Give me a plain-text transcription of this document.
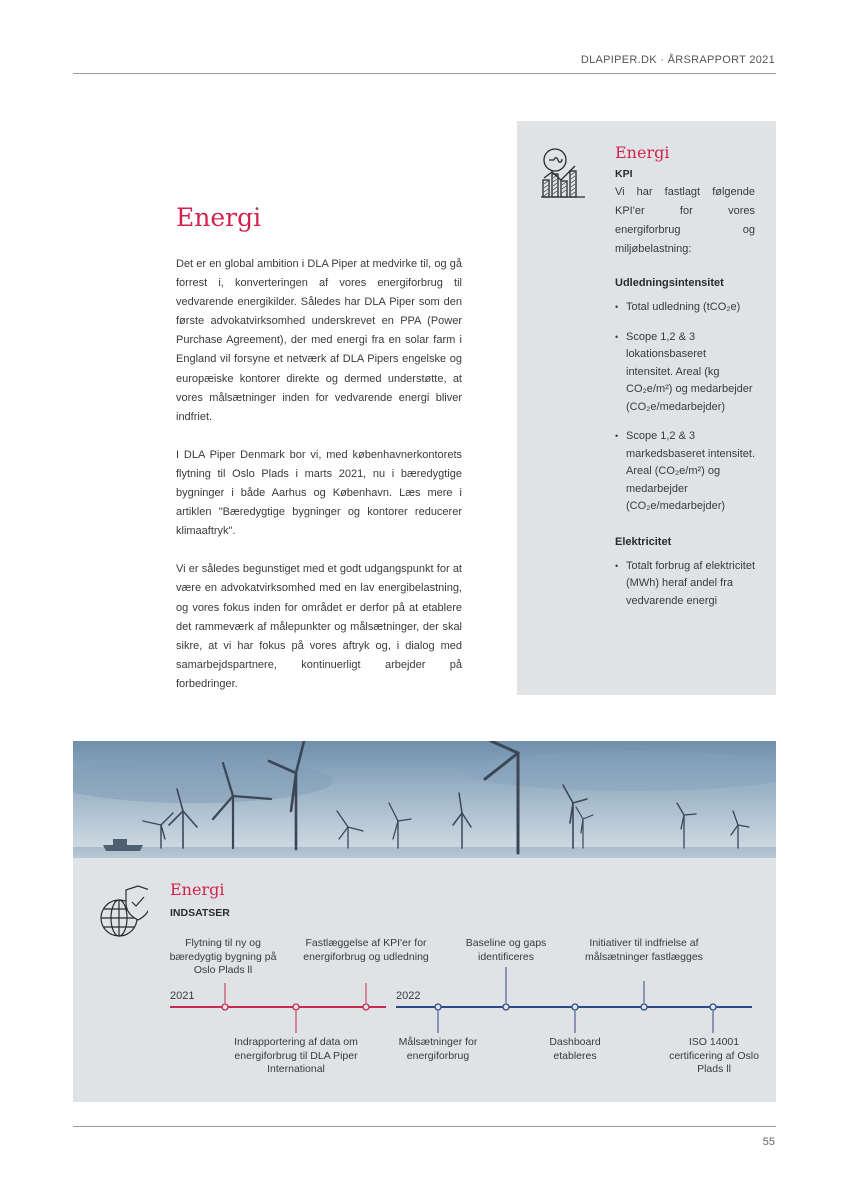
DLAPIPER.DK · ÅRSRAPPORT 2021
Energi

Det er en global ambition i DLA Piper at medvirke til, og gå forrest i, konverteringen af vores energiforbrug til vedvarende energikilder. Således har DLA Piper som den første advokatvirksomhed underskrevet en PPA (Power Purchase Agreement), der med energi fra en solar farm i England vil forsyne et netværk af DLA Pipers engelske og europæiske kontorer direkte og dermed understøtte, at vores målsætninger inden for vedvarende energi bliver indfriet.

I DLA Piper Denmark bor vi, med københavnerkontorets flytning til Oslo Plads i marts 2021, nu i bæredygtige bygninger i både Aarhus og København. Læs mere i artiklen "Bæredygtige bygninger og kontorer reducerer klimaaftryk".

Vi er således begunstiget med et godt udgangspunkt for at være en advokatvirksomhed med en lav energibelastning, og vores fokus inden for området er derfor på at etablere det rammeværk af målepunkter og målsætninger, der skal sikre, at vi har fokus på vores aftryk og, i dialog med samarbejdspartnere, kontinuerligt arbejder på forbedringer.

Energi
KPI

Vi har fastlagt følgende KPI'er for vores energiforbrug og miljøbelastning:

Udledningsintensitet
• Total udledning (tCO₂e)
• Scope 1,2 & 3 lokationsbaseret intensitet. Areal (kg CO₂e/m²) og medarbejder (CO₂e/medarbejder)
• Scope 1,2 & 3 markedsbaseret intensitet. Areal (CO₂e/m²) og medarbejder (CO₂e/medarbejder)
Elektricitet
• Totalt forbrug af elektricitet (MWh) heraf andel fra vedvarende energi
Energi
INDSATSER
Flytning til ny og bæredygtig bygning på Oslo Plads ll
Fastlæggelse af KPI'er for energiforbrug og udledning
Baseline og gaps identificeres
Initiativer til indfrielse af målsætninger fastlægges
2021	2022
Indrapportering af data om energiforbrug til DLA Piper International
Målsætninger for energiforbrug
Dashboard etableres
ISO 14001 certificering af Oslo Plads ll
55
